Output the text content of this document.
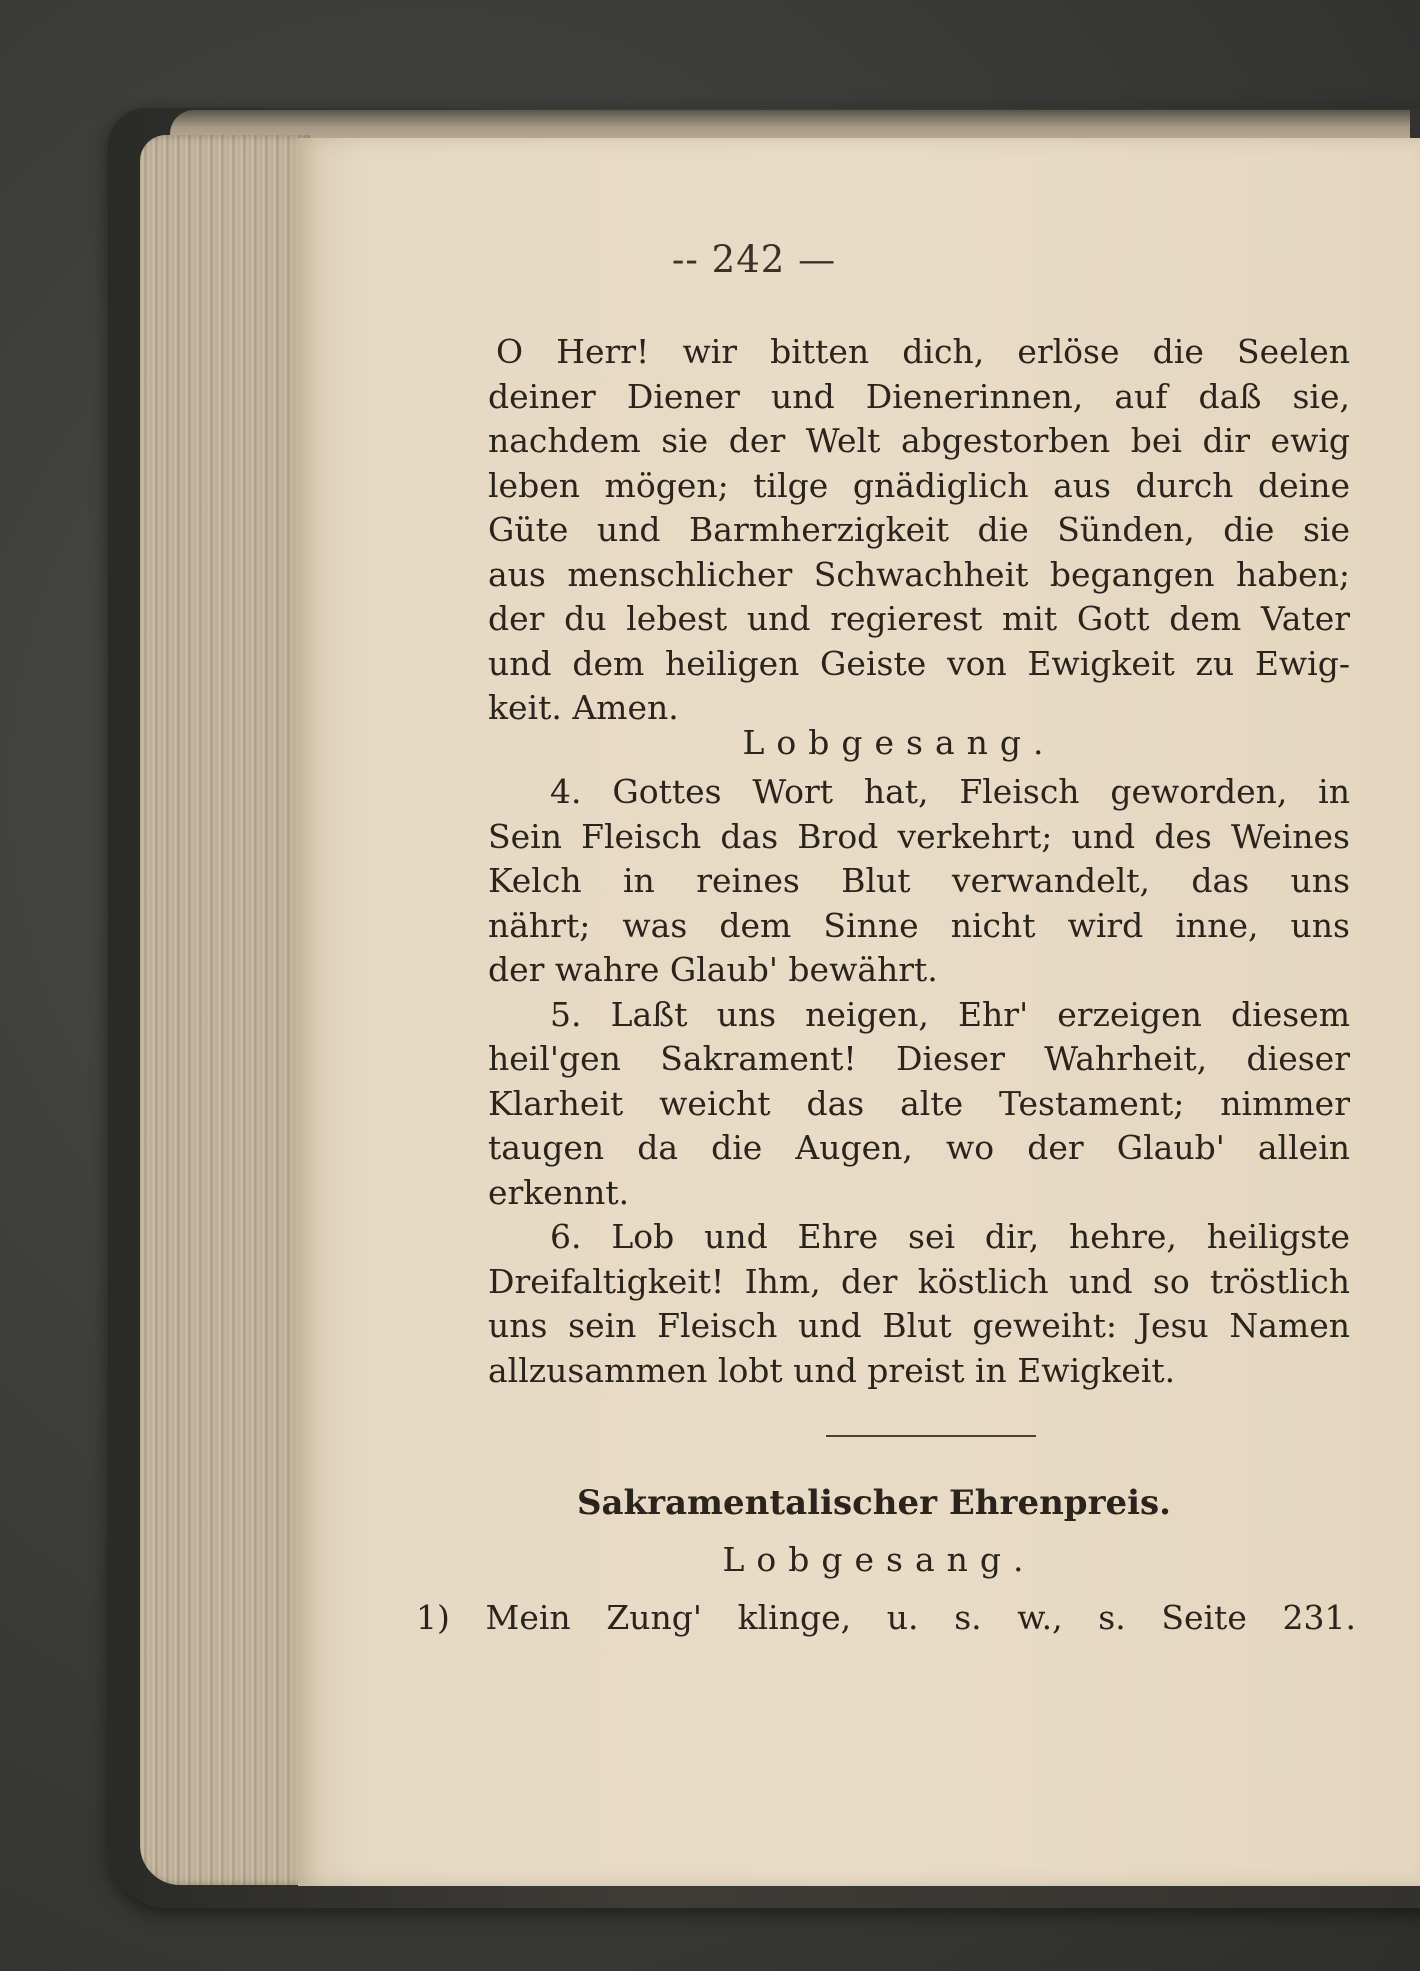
-- 242 —
O Herr! wir bitten dich, erlöse die Seelen
deiner Diener und Dienerinnen, auf daß sie,
nachdem sie der Welt abgestorben bei dir ewig
leben mögen; tilge gnädiglich aus durch deine
Güte und Barmherzigkeit die Sünden, die sie
aus menschlicher Schwachheit begangen haben;
der du lebest und regierest mit Gott dem Vater
und dem heiligen Geiste von Ewigkeit zu Ewig-
keit. Amen.
Lobgesang.
4. Gottes Wort hat, Fleisch geworden, in
Sein Fleisch das Brod verkehrt; und des Weines
Kelch in reines Blut verwandelt, das uns
nährt; was dem Sinne nicht wird inne, uns
der wahre Glaub' bewährt.
5. Laßt uns neigen, Ehr' erzeigen diesem
heil'gen Sakrament! Dieser Wahrheit, dieser
Klarheit weicht das alte Testament; nimmer
taugen da die Augen, wo der Glaub' allein
erkennt.
6. Lob und Ehre sei dir, hehre, heiligste
Dreifaltigkeit! Ihm, der köstlich und so tröstlich
uns sein Fleisch und Blut geweiht: Jesu Namen
allzusammen lobt und preist in Ewigkeit.
Sakramentalischer Ehrenpreis.
Lobgesang.
1) Mein Zung' klinge, u. s. w., s. Seite 231.
